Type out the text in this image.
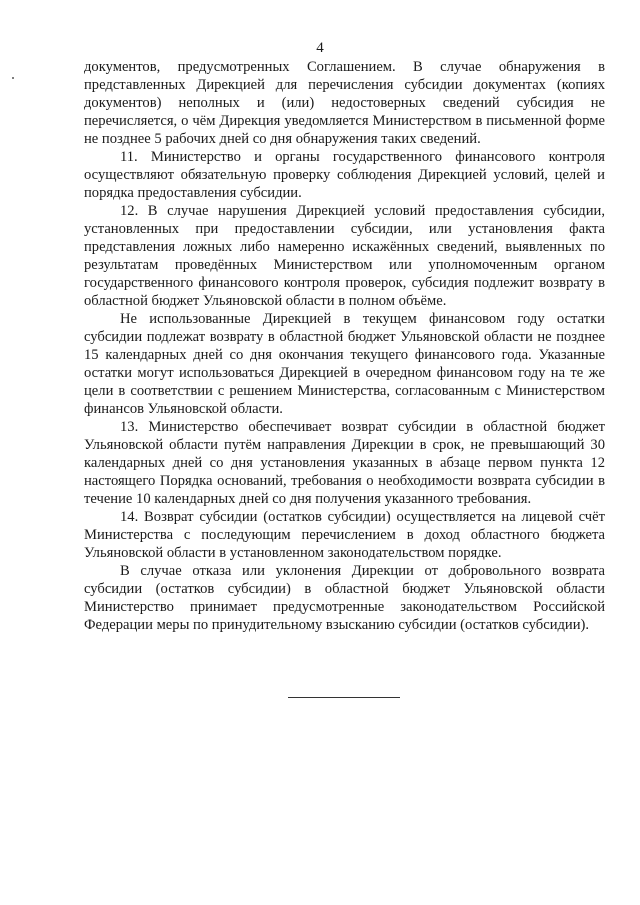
4

документов, предусмотренных Соглашением. В случае обнаружения в представленных Дирекцией для перечисления субсидии документах (копиях документов) неполных и (или) недостоверных сведений субсидия не перечисляется, о чём Дирекция уведомляется Министерством в письменной форме не позднее 5 рабочих дней со дня обнаружения таких сведений.

11. Министерство и органы государственного финансового контроля осуществляют обязательную проверку соблюдения Дирекцией условий, целей и порядка предоставления субсидии.

12. В случае нарушения Дирекцией условий предоставления субсидии, установленных при предоставлении субсидии, или установления факта представления ложных либо намеренно искажённых сведений, выявленных по результатам проведённых Министерством или уполномоченным органом государственного финансового контроля проверок, субсидия подлежит возврату в областной бюджет Ульяновской области в полном объёме.

Не использованные Дирекцией в текущем финансовом году остатки субсидии подлежат возврату в областной бюджет Ульяновской области не позднее 15 календарных дней со дня окончания текущего финансового года. Указанные остатки могут использоваться Дирекцией в очередном финансовом году на те же цели в соответствии с решением Министерства, согласованным с Министерством финансов Ульяновской области.

13. Министерство обеспечивает возврат субсидии в областной бюджет Ульяновской области путём направления Дирекции в срок, не превышающий 30 календарных дней со дня установления указанных в абзаце первом пункта 12 настоящего Порядка оснований, требования о необходимости возврата субсидии в течение 10 календарных дней со дня получения указанного требования.

14. Возврат субсидии (остатков субсидии) осуществляется на лицевой счёт Министерства с последующим перечислением в доход областного бюджета Ульяновской области в установленном законодательством порядке.

В случае отказа или уклонения Дирекции от добровольного возврата субсидии (остатков субсидии) в областной бюджет Ульяновской области Министерство принимает предусмотренные законодательством Российской Федерации меры по принудительному взысканию субсидии (остатков субсидии).
